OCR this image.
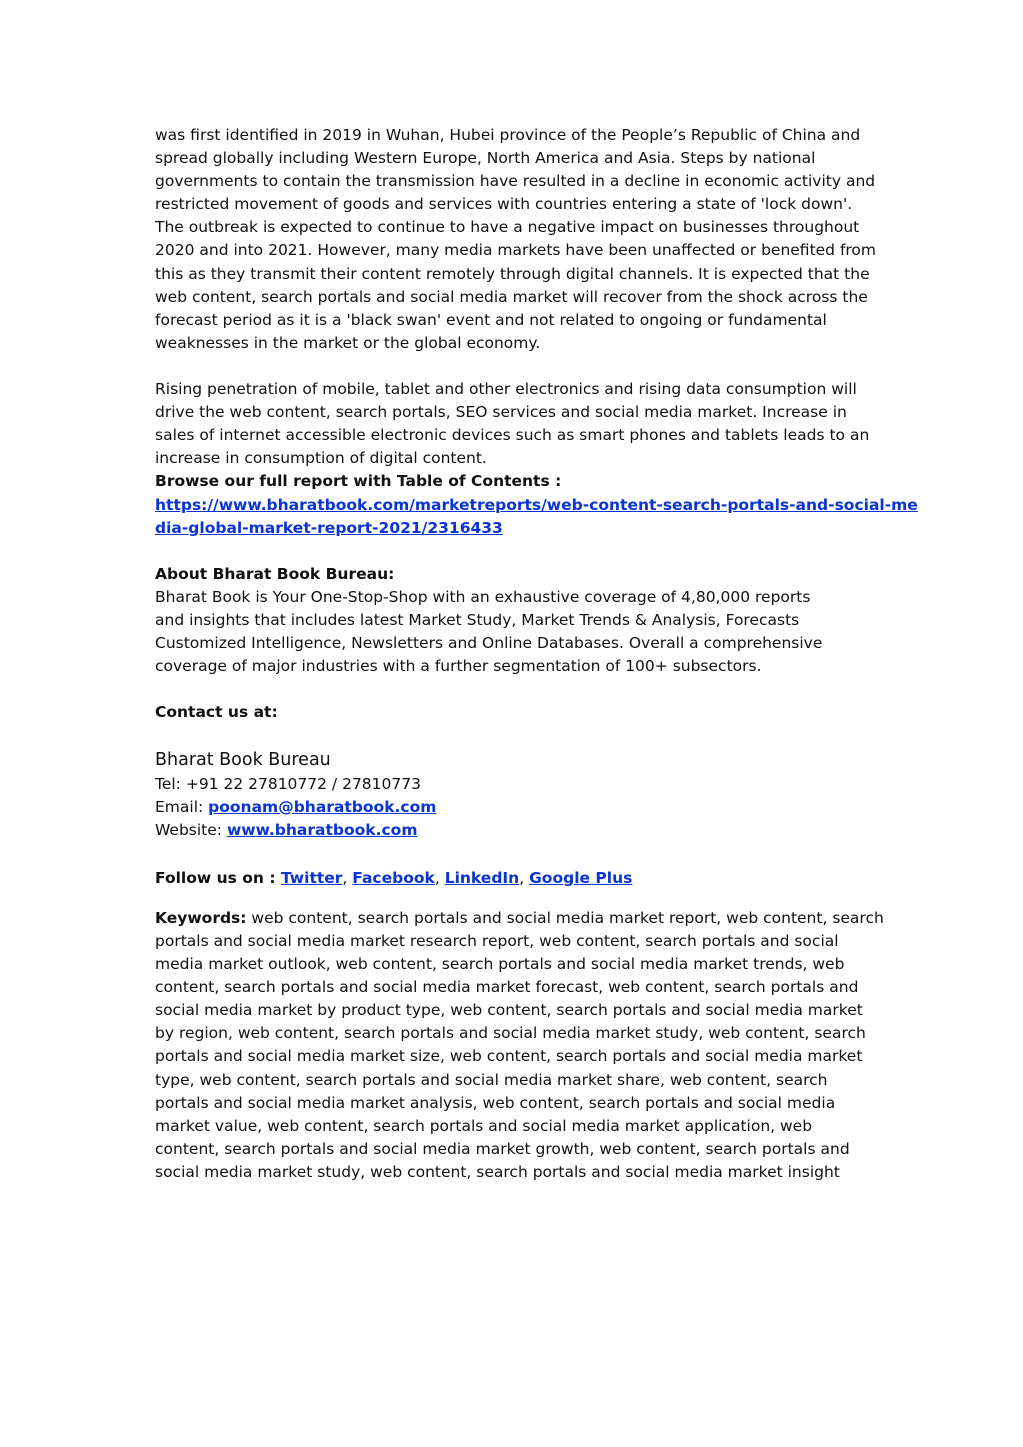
was first identified in 2019 in Wuhan, Hubei province of the People’s Republic of China and
spread globally including Western Europe, North America and Asia. Steps by national
governments to contain the transmission have resulted in a decline in economic activity and
restricted movement of goods and services with countries entering a state of 'lock down'.
The outbreak is expected to continue to have a negative impact on businesses throughout
2020 and into 2021. However, many media markets have been unaffected or benefited from
this as they transmit their content remotely through digital channels. It is expected that the
web content, search portals and social media market will recover from the shock across the
forecast period as it is a 'black swan' event and not related to ongoing or fundamental
weaknesses in the market or the global economy.

Rising penetration of mobile, tablet and other electronics and rising data consumption will
drive the web content, search portals, SEO services and social media market. Increase in
sales of internet accessible electronic devices such as smart phones and tablets leads to an
increase in consumption of digital content.

Browse our full report with Table of Contents :

https://www.bharatbook.com/marketreports/web-content-search-portals-and-social-me
dia-global-market-report-2021/2316433

About Bharat Book Bureau:

Bharat Book is Your One-Stop-Shop with an exhaustive coverage of 4,80,000 reports
and insights that includes latest Market Study, Market Trends & Analysis, Forecasts
Customized Intelligence, Newsletters and Online Databases. Overall a comprehensive
coverage of major industries with a further segmentation of 100+ subsectors.

Contact us at:

Bharat Book Bureau

Tel: +91 22 27810772 / 27810773

Email: poonam@bharatbook.com

Website: www.bharatbook.com

Follow us on : Twitter, Facebook, LinkedIn, Google Plus

Keywords: web content, search portals and social media market report, web content, search
portals and social media market research report, web content, search portals and social
media market outlook, web content, search portals and social media market trends, web
content, search portals and social media market forecast, web content, search portals and
social media market by product type, web content, search portals and social media market
by region, web content, search portals and social media market study, web content, search
portals and social media market size, web content, search portals and social media market
type, web content, search portals and social media market share, web content, search
portals and social media market analysis, web content, search portals and social media
market value, web content, search portals and social media market application, web
content, search portals and social media market growth, web content, search portals and
social media market study, web content, search portals and social media market insight
